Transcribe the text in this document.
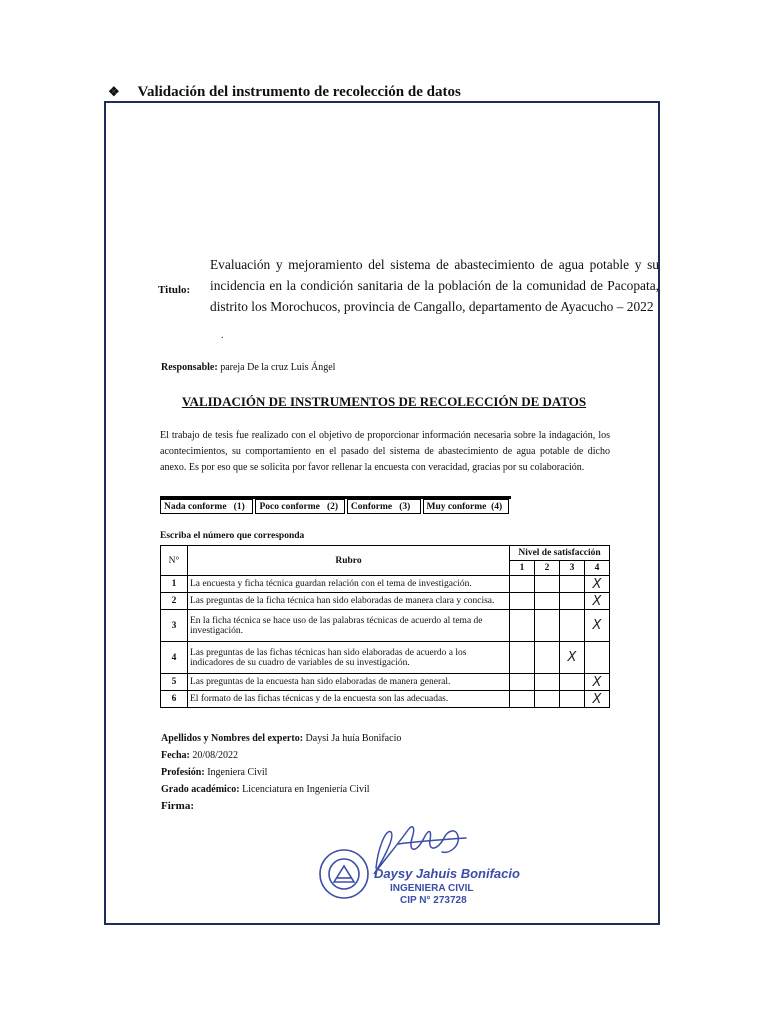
❖ Validación del instrumento de recolección de datos
Titulo:
Evaluación y mejoramiento del sistema de abastecimiento de agua potable y su incidencia en la condición sanitaria de la población de la comunidad de Pacopata, distrito los Morochucos, provincia de Cangallo, departamento de Ayacucho – 2022
.
Responsable: pareja De la cruz Luis Ángel
VALIDACIÓN DE INSTRUMENTOS DE RECOLECCIÓN DE DATOS
El trabajo de tesis fue realizado con el objetivo de proporcionar información necesaria sobre la indagación, los acontecimientos, su comportamiento en el pasado del sistema de abastecimiento de agua potable de dicho anexo. Es por eso que se solicita por favor rellenar la encuesta con veracidad, gracias por su colaboración.
Nada conforme
(1) Poco conforme
(2) Conforme
(3) Muy conforme
(4)
Escriba el número que corresponda
N°	Rubro	Nivel de satisfacción			
		1	2	3	4
1	La encuesta y ficha técnica guardan relación con el tema de investigación.				X
2	Las preguntas de la ficha técnica han sido elaboradas de manera clara y concisa.				X
3	En la ficha técnica se hace uso de las palabras técnicas de acuerdo al tema de investigación.				X
4	Las preguntas de las fichas técnicas han sido elaboradas de acuerdo a los indicadores de su cuadro de variables de su investigación.			X	
5	Las preguntas de la encuesta han sido elaboradas de manera general.				X
6	El formato de las fichas técnicas y de la encuesta son las adecuadas.				X
Apellidos y Nombres del experto: Daysi Ja huía Bonifacio
Fecha: 20/08/2022
Profesión: Ingeniera Civil
Grado académico: Licenciatura en Ingeniería Civil
Firma:
Daysy Jahuis Bonifacio
INGENIERA CIVIL
CIP N° 273728
